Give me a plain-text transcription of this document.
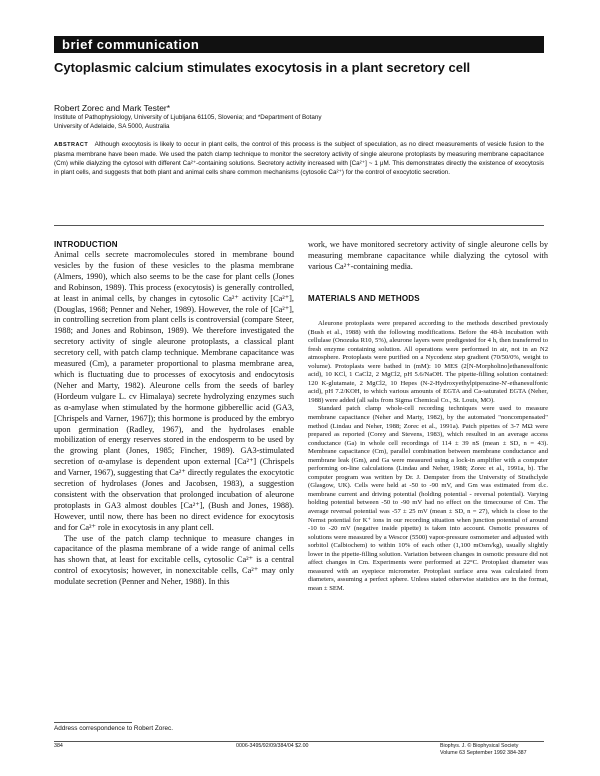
brief communication
Cytoplasmic calcium stimulates exocytosis in a plant secretory cell
Robert Zorec and Mark Tester*
Institute of Pathophysiology, University of Ljubljana 61105, Slovenia; and *Department of Botany
University of Adelaide, SA 5000, Australia
ABSTRACT Although exocytosis is likely to occur in plant cells, the control of this process is the subject of speculation, as no direct measurements of vesicle fusion to the plasma membrane have been made. We used the patch clamp technique to monitor the secretory activity of single aleurone protoplasts by measuring membrane capacitance (Cm) while dialyzing the cytosol with different Ca²⁺-containing solutions. Secretory activity increased with [Ca²⁺] ~ 1 μM. This demonstrates directly the existence of exocytosis in plant cells, and suggests that both plant and animal cells share common mechanisms (cytosolic Ca²⁺) for the control of exocytotic secretion.
INTRODUCTION

Animal cells secrete macromolecules stored in membrane bound vesicles by the fusion of these vesicles to the plasma membrane (Almers, 1990), which also seems to be the case for plant cells (Jones and Robinson, 1989). This process (exocytosis) is generally controlled, at least in animal cells, by changes in cytosolic Ca²⁺ activity [Ca²⁺], (Douglas, 1968; Penner and Neher, 1989). However, the role of [Ca²⁺], in controlling secretion from plant cells is controversial (compare Steer, 1988; and Jones and Robinson, 1989). We therefore investigated the secretory activity of single aleurone protoplasts, a classical plant secretory cell, with patch clamp technique. Membrane capacitance was measured (Cm), a parameter proportional to plasma membrane area, which is fluctuating due to processes of exocytosis and endocytosis (Neher and Marty, 1982). Aleurone cells from the seeds of barley (Hordeum vulgare L. cv Himalaya) secrete hydrolyzing enzymes such as α-amylase when stimulated by the hormone gibberellic acid (GA3, [Chrispels and Varner, 1967]); this hormone is produced by the embryo upon germination (Radley, 1967), and the hydrolases enable mobilization of energy reserves stored in the endosperm to be used by the growing plant (Jones, 1985; Fincher, 1989). GA3-stimulated secretion of α-amylase is dependent upon external [Ca²⁺] (Chrispels and Varner, 1967), suggesting that Ca²⁺ directly regulates the exocytotic secretion of hydrolases (Jones and Jacobsen, 1983), a suggestion consistent with the observation that prolonged incubation of aleurone protoplasts in GA3 almost doubles [Ca²⁺], (Bush and Jones, 1988). However, until now, there has been no direct evidence for exocytosis and for Ca²⁺ role in exocytosis in any plant cell.

The use of the patch clamp technique to measure changes in capacitance of the plasma membrane of a wide range of animal cells has shown that, at least for excitable cells, cytosolic Ca²⁺ is a central control of exocytosis; however, in nonexcitable cells, Ca²⁺ may only modulate secretion (Penner and Neher, 1988). In this

Address correspondence to Robert Zorec.

work, we have monitored secretory activity of single aleurone cells by measuring membrane capacitance while dialyzing the cytosol with various Ca²⁺-containing media.

MATERIALS AND METHODS

Aleurone protoplasts were prepared according to the methods described previously (Bush et al., 1988) with the following modifications. Before the 48-h incubation with cellulase (Onozuka R10, 5%), aleurone layers were predigested for 4 h, then transferred to fresh enzyme containing solution. All operations were performed in air, not in an N2 atmosphere. Protoplasts were purified on a Nycodenz step gradient (70/50/0%, weight to volume). Protoplasts were bathed in (mM): 10 MES (2[N-Morpholino]ethanesulfonic acid), 10 KCl, 1 CaCl2, 2 MgCl2, pH 5.6/NaOH. The pipette-filling solution contained: 120 K-glutamate, 2 MgCl2, 10 Hepes (N-2-Hydroxyethylpiperazine-N'-ethanesulfonic acid), pH 7.2/KOH, to which various amounts of EGTA and Ca-saturated EGTA (Neher, 1988) were added (all salts from Sigma Chemical Co., St. Louis, MO).

Standard patch clamp whole-cell recording techniques were used to measure membrane capacitance (Neher and Marty, 1982), by the automated "noncompensated" method (Lindau and Neher, 1988; Zorec et al., 1991a). Patch pipettes of 3-7 MΩ were prepared as reported (Corey and Stevens, 1983), which resulted in an average access conductance (Ga) in whole cell recordings of 114 ± 39 nS (mean ± SD, n = 43). Membrane capacitance (Cm), parallel combination between membrane conductance and membrane leak (Gm), and Ga were measured using a lock-in amplifier with a computer performing on-line calculations (Lindau and Neher, 1988; Zorec et al., 1991a, b). The computer program was written by Dr. J. Dempster from the University of Strathclyde (Glasgow, UK). Cells were held at -50 to -90 mV, and Gm was estimated from d.c. membrane current and driving potential (holding potential - reversal potential). Varying holding potential between -50 to -90 mV had no effect on the timecourse of Cm. The average reversal potential was -57 ± 25 mV (mean ± SD, n = 27), which is close to the Nernst potential for K⁺ ions in our recording situation when junction potential of around -10 to -20 mV (negative inside pipette) is taken into account. Osmotic pressures of solutions were measured by a Wescor (5500) vapor-pressure osmometer and adjusted with sorbitol (Calbiochem) to within 10% of each other (1,100 mOsm/kg), usually slightly lower in the pipette-filling solution. Variation between changes in osmotic pressure did not affect changes in Cm. Experiments were performed at 22°C. Protoplast diameter was measured with an eyepiece micrometer. Protoplast surface area was calculated from diameters, assuming a perfect sphere. Unless stated otherwise statistics are in the format, mean ± SEM.

384	0006-3495/92/09/384/04 $2.00	Biophys. J. © Biophysical Society
Volume 63 September 1992 384-387
